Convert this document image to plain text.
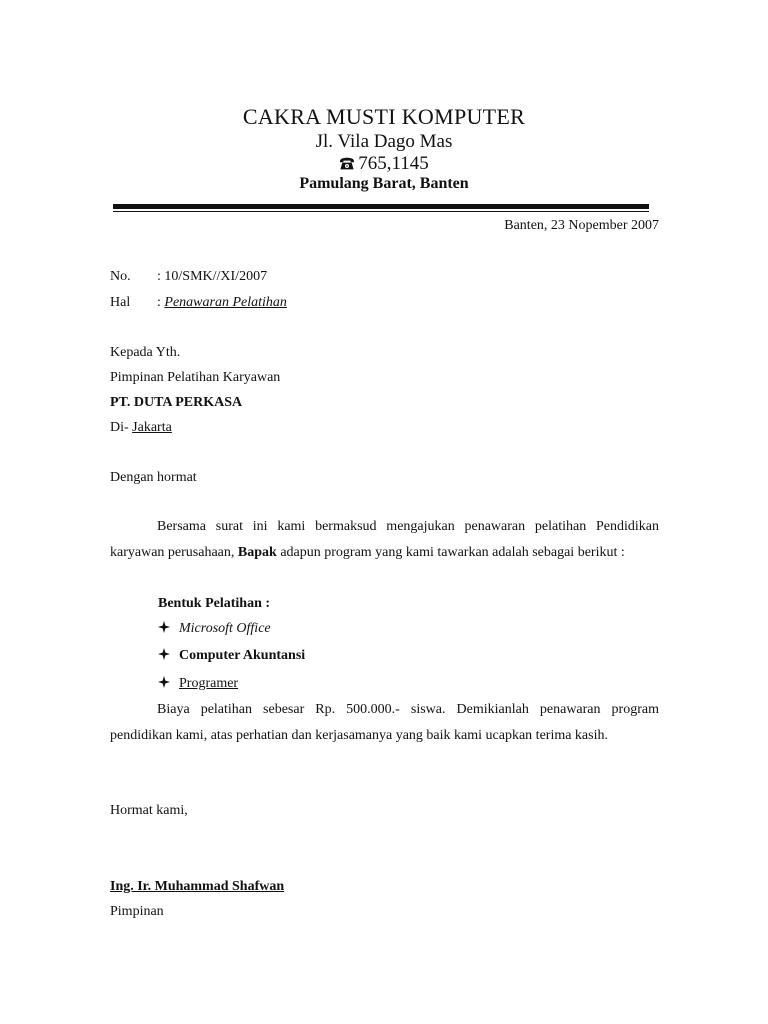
CAKRA MUSTI KOMPUTER
Jl. Vila Dago Mas
765,1145
Pamulang Barat, Banten
Banten, 23 Nopember 2007
No. : 10/SMK//XI/2007
Hal : Penawaran Pelatihan
Kepada Yth.
Pimpinan Pelatihan Karyawan
PT. DUTA PERKASA
Di- Jakarta
Dengan hormat
Bersama surat ini kami bermaksud mengajukan penawaran pelatihan Pendidikan karyawan perusahaan, Bapak adapun program yang kami tawarkan adalah sebagai berikut :
Bentuk Pelatihan :
Microsoft Office
Computer Akuntansi
Programer
Biaya pelatihan sebesar Rp. 500.000.- siswa. Demikianlah penawaran program pendidikan kami, atas perhatian dan kerjasamanya yang baik kami ucapkan terima kasih.
Hormat kami,
Ing. Ir. Muhammad Shafwan
Pimpinan
